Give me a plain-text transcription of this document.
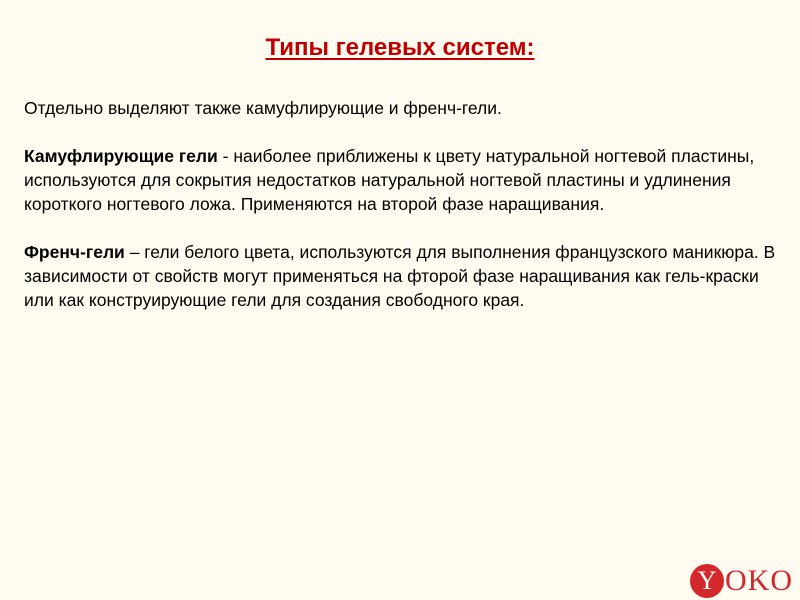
Типы гелевых систем:

Отдельно выделяют также камуфлирующие и френч-гели.

Камуфлирующие гели - наиболее приближены к цвету натуральной ногтевой пластины, используются для сокрытия недостатков натуральной ногтевой пластины и удлинения короткого ногтевого ложа. Применяются на второй фазе наращивания.

Френч-гели – гели белого цвета, используются для выполнения французского маникюра. В зависимости от свойств могут применяться на фторой фазе наращивания как гель-краски или как конструирующие гели для создания свободного края.

Y OKO
